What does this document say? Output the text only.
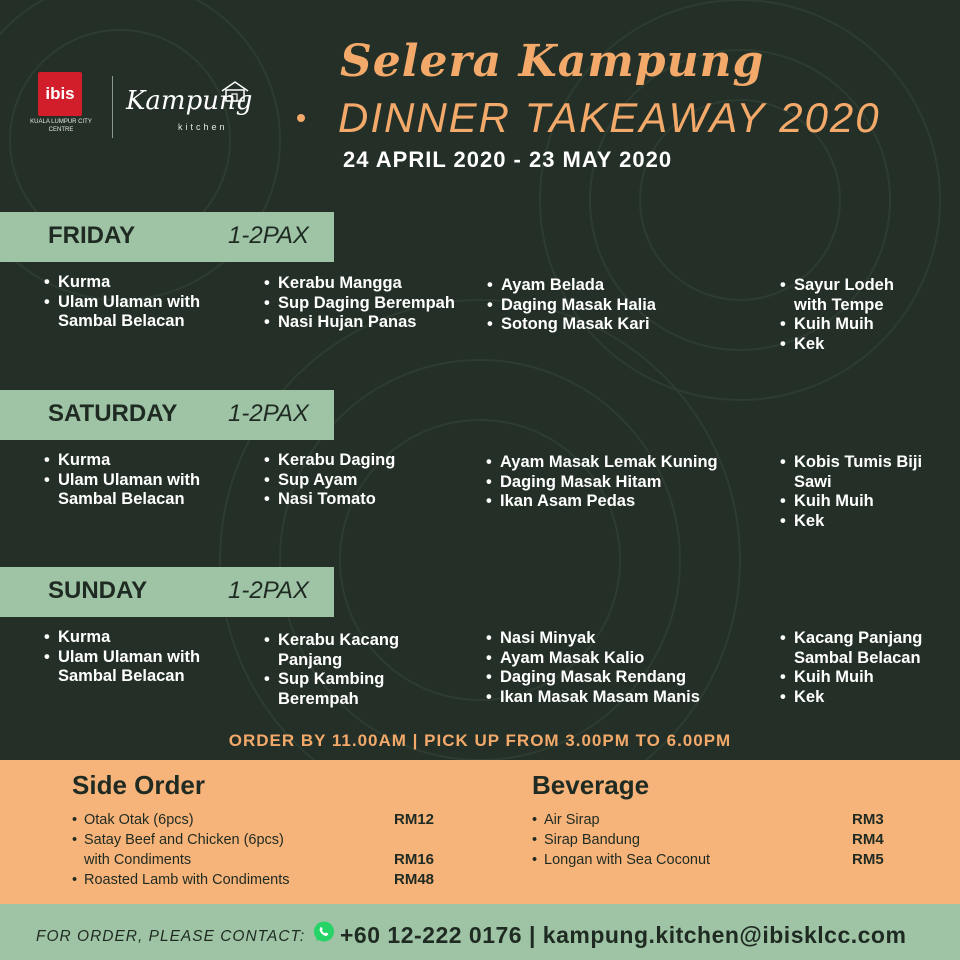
ibis
KUALA LUMPUR CITY CENTRE
Kampung
kitchen
Selera Kampung
DINNER TAKEAWAY 2020
24 APRIL 2020 - 23 MAY 2020
FRIDAY	1-2PAX
• Kurma
• Ulam Ulaman with
Sambal Belacan
• Kerabu Mangga
• Sup Daging Berempah
• Nasi Hujan Panas
• Ayam Belada
• Daging Masak Halia
• Sotong Masak Kari
• Sayur Lodeh
with Tempe
• Kuih Muih
• Kek
SATURDAY 1-2PAX
• Kurma
• Ulam Ulaman with
Sambal Belacan
• Kerabu Daging
• Sup Ayam
• Nasi Tomato
• Ayam Masak Lemak Kuning
• Daging Masak Hitam
• Ikan Asam Pedas
• Kobis Tumis Biji
Sawi
• Kuih Muih
• Kek
SUNDAY	1-2PAX
• Kurma
• Ulam Ulaman with
Sambal Belacan
• Kerabu Kacang
Panjang
• Sup Kambing
Berempah
• Nasi Minyak
• Ayam Masak Kalio
• Daging Masak Rendang
• Ikan Masak Masam Manis
• Kacang Panjang
Sambal Belacan
• Kuih Muih
• Kek
ORDER BY 11.00AM | PICK UP FROM 3.00PM TO 6.00PM
Side Order
• Otak Otak (6pcs)	RM12
• Satay Beef and Chicken (6pcs)
with Condiments	RM16
• Roasted Lamb with Condiments	RM48
Beverage
• Air Sirap	RM3
• Sirap Bandung	RM4
• Longan with Sea Coconut	RM5
FOR ORDER, PLEASE CONTACT: +60 12-222 0176 | kampung.kitchen@ibisklcc.com
